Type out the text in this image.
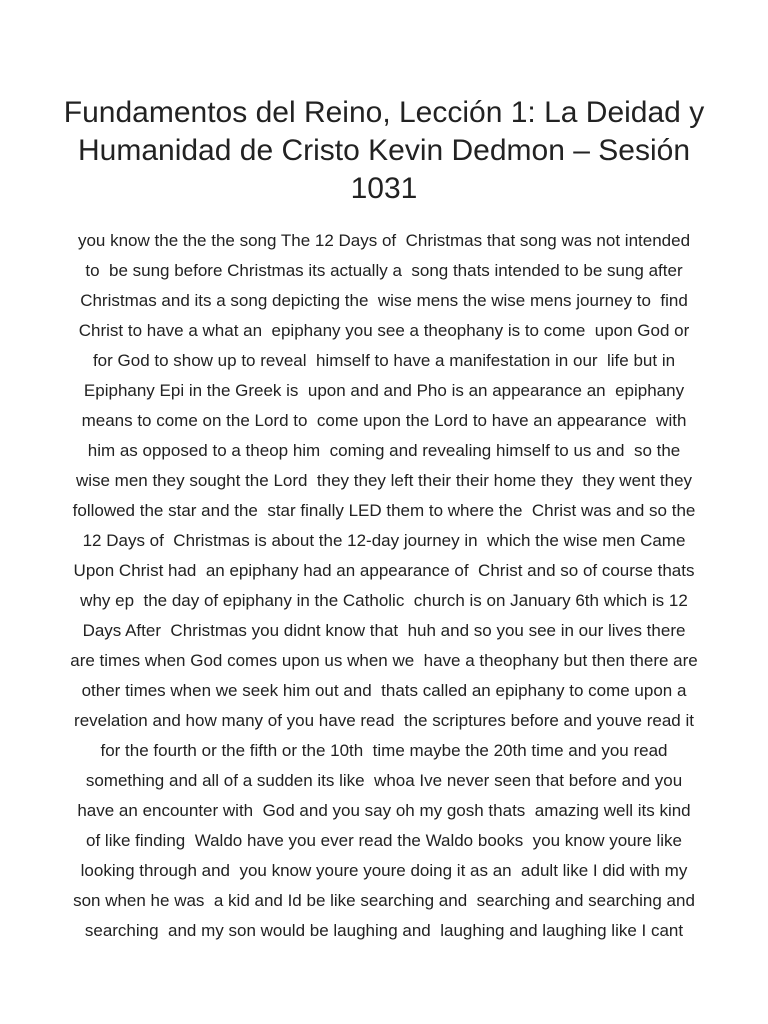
Fundamentos del Reino, Lección 1: La Deidad y
Humanidad de Cristo Kevin Dedmon – Sesión
1031
you know the the the song The 12 Days of  Christmas that song was not intended
to  be sung before Christmas its actually a  song thats intended to be sung after
Christmas and its a song depicting the  wise mens the wise mens journey to  find
Christ to have a what an  epiphany you see a theophany is to come  upon God or
for God to show up to reveal  himself to have a manifestation in our  life but in
Epiphany Epi in the Greek is  upon and and Pho is an appearance an  epiphany
means to come on the Lord to  come upon the Lord to have an appearance  with
him as opposed to a theop him  coming and revealing himself to us and  so the
wise men they sought the Lord  they they left their their home they  they went they
followed the star and the  star finally LED them to where the  Christ was and so the
12 Days of  Christmas is about the 12-day journey in  which the wise men Came
Upon Christ had  an epiphany had an appearance of  Christ and so of course thats
why ep  the day of epiphany in the Catholic  church is on January 6th which is 12
Days After  Christmas you didnt know that  huh and so you see in our lives there
are times when God comes upon us when we  have a theophany but then there are
other times when we seek him out and  thats called an epiphany to come upon a
revelation and how many of you have read  the scriptures before and youve read it
for the fourth or the fifth or the 10th  time maybe the 20th time and you read
something and all of a sudden its like  whoa Ive never seen that before and you
have an encounter with  God and you say oh my gosh thats  amazing well its kind
of like finding  Waldo have you ever read the Waldo books  you know youre like
looking through and  you know youre youre doing it as an  adult like I did with my
son when he was  a kid and Id be like searching and  searching and searching and
searching  and my son would be laughing and  laughing and laughing like I cant
